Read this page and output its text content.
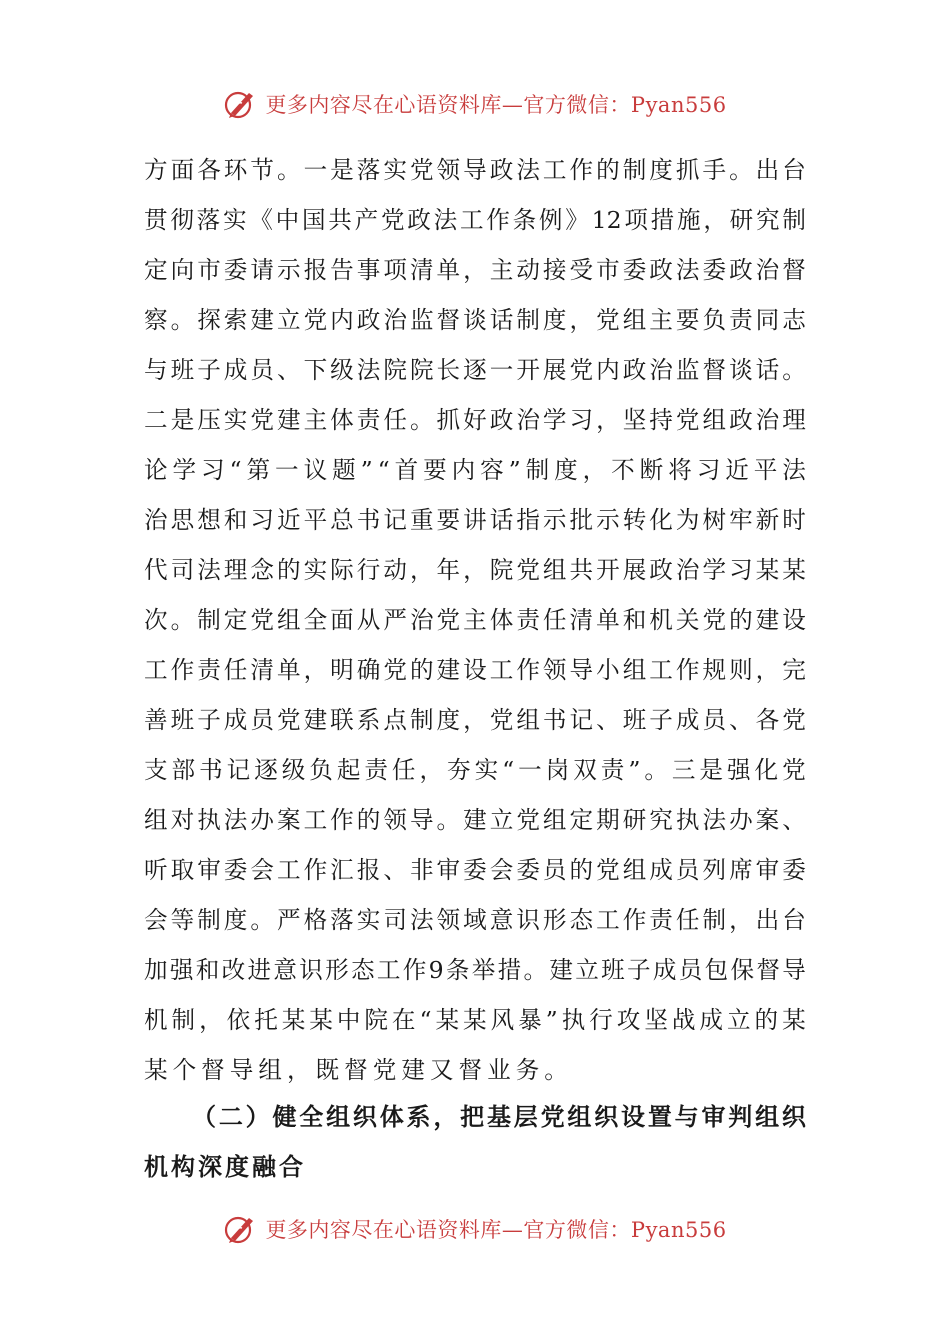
更多内容尽在心语资料库—官方微信：Pyan556
方 面 各 环 节 。 一 是 落 实 党 领 导 政 法 工 作 的 制 度 抓 手 。 出 台
贯 彻 落 实 《 中 国 共 产 党 政 法 工 作 条 例 》 12 项 措 施 ， 研 究 制
定 向 市 委 请 示 报 告 事 项 清 单 ， 主 动 接 受 市 委 政 法 委 政 治 督
察 。 探 索 建 立 党 内 政 治 监 督 谈 话 制 度 ， 党 组 主 要 负 责 同 志
与 班 子 成 员 、 下 级 法 院 院 长 逐 一 开 展 党 内 政 治 监 督 谈 话 。
二 是 压 实 党 建 主 体 责 任 。 抓 好 政 治 学 习 ， 坚 持 党 组 政 治 理
论 学 习 “ 第 一 议 题 ” “ 首 要 内 容 ” 制 度 ， 不 断 将 习 近 平 法
治 思 想 和 习 近 平 总 书 记 重 要 讲 话 指 示 批 示 转 化 为 树 牢 新 时
代 司 法 理 念 的 实 际 行 动 ， 年 ， 院 党 组 共 开 展 政 治 学 习 某 某
次 。 制 定 党 组 全 面 从 严 治 党 主 体 责 任 清 单 和 机 关 党 的 建 设
工 作 责 任 清 单 ， 明 确 党 的 建 设 工 作 领 导 小 组 工 作 规 则 ， 完
善 班 子 成 员 党 建 联 系 点 制 度 ， 党 组 书 记 、 班 子 成 员 、 各 党
支 部 书 记 逐 级 负 起 责 任 ， 夯 实 “ 一 岗 双 责 ” 。 三 是 强 化 党
组 对 执 法 办 案 工 作 的 领 导 。 建 立 党 组 定 期 研 究 执 法 办 案 、
听 取 审 委 会 工 作 汇 报 、 非 审 委 会 委 员 的 党 组 成 员 列 席 审 委
会 等 制 度 。 严 格 落 实 司 法 领 域 意 识 形 态 工 作 责 任 制 ， 出 台
加 强 和 改 进 意 识 形 态 工 作 9 条 举 措 。 建 立 班 子 成 员 包 保 督 导
机 制 ， 依 托 某 某 中 院 在 “ 某 某 风 暴 ” 执 行 攻 坚 战 成 立 的 某
某个督导组，既督党建又督业务。
（ 二 ） 健 全 组 织 体 系 ， 把 基 层 党 组 织 设 置 与 审 判 组 织
机构深度融合
更多内容尽在心语资料库—官方微信：Pyan556
